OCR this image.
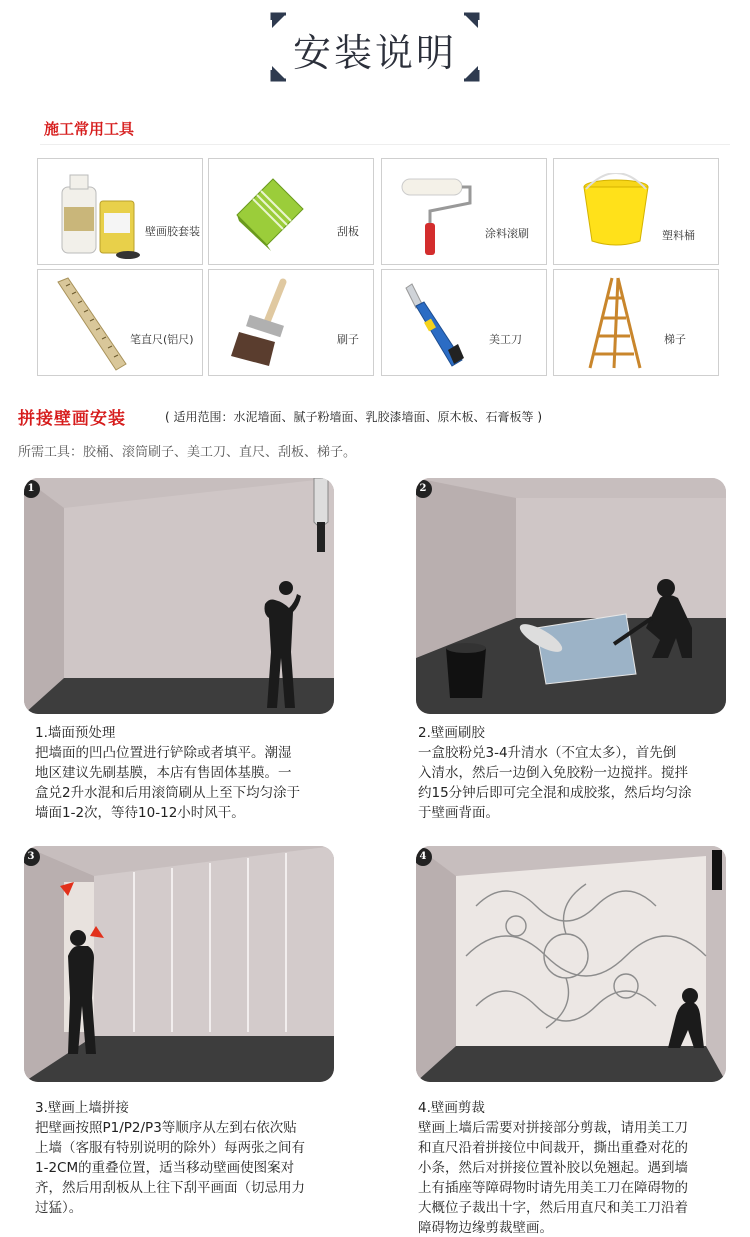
安装说明
施工常用工具
壁画胶套装	刮板	涂料滚刷	塑料桶
笔直尺(铝尺)	刷子	美工刀	梯子
拼接壁画安装	( 适用范围：水泥墙面、腻子粉墙面、乳胶漆墙面、原木板、石膏板等 )
所需工具：胶桶、滚筒刷子、美工刀、直尺、刮板、梯子。
1	2
1.墙面预处理
把墙面的凹凸位置进行铲除或者填平。潮湿
地区建议先刷基膜，本店有售固体基膜。一
盒兑2升水混和后用滚筒刷从上至下均匀涂于
墙面1-2次，等待10-12小时风干。
2.壁画刷胶
一盒胶粉兑3-4升清水（不宜太多），首先倒
入清水，然后一边倒入免胶粉一边搅拌。搅拌
约15分钟后即可完全混和成胶浆，然后均匀涂
于壁画背面。
3	4
3.壁画上墙拼接
把壁画按照P1/P2/P3等顺序从左到右依次贴
上墙（客服有特别说明的除外）每两张之间有
1-2CM的重叠位置，适当移动壁画使图案对
齐，然后用刮板从上往下刮平画面（切忌用力
过猛）。
4.壁画剪裁
壁画上墙后需要对拼接部分剪裁，请用美工刀
和直尺沿着拼接位中间裁开，撕出重叠对花的
小条，然后对拼接位置补胶以免翘起。遇到墙
上有插座等障碍物时请先用美工刀在障碍物的
大概位子裁出十字，然后用直尺和美工刀沿着
障碍物边缘剪裁壁画。
